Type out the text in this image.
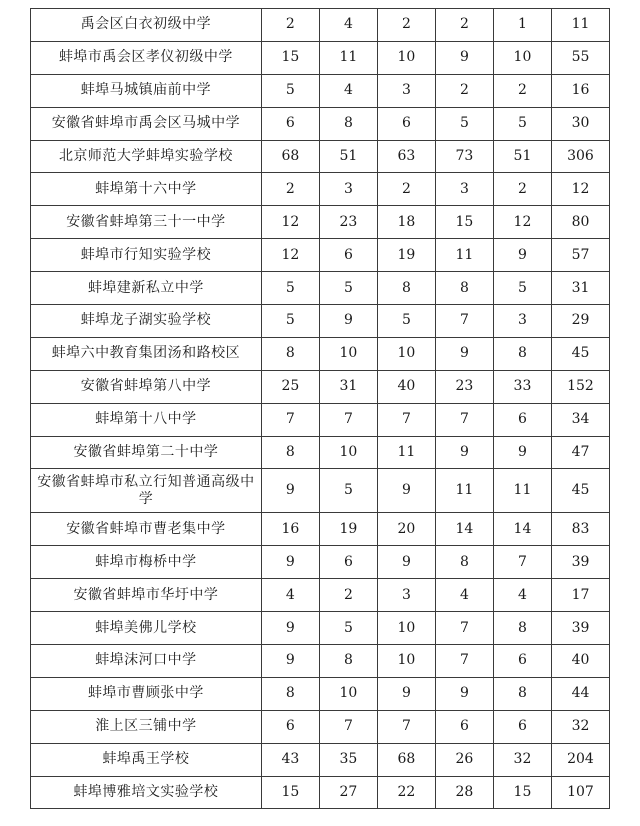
禹会区白衣初级中学	2	4	2	2	1	11
蚌埠市禹会区孝仪初级中学	15	11	10	9	10	55
蚌埠马城镇庙前中学	5	4	3	2	2	16
安徽省蚌埠市禹会区马城中学	6	8	6	5	5	30
北京师范大学蚌埠实验学校	68	51	63	73	51	306
蚌埠第十六中学	2	3	2	3	2	12
安徽省蚌埠第三十一中学	12	23	18	15	12	80
蚌埠市行知实验学校	12	6	19	11	9	57
蚌埠建新私立中学	5	5	8	8	5	31
蚌埠龙子湖实验学校	5	9	5	7	3	29
蚌埠六中教育集团汤和路校区	8	10	10	9	8	45
安徽省蚌埠第八中学	25	31	40	23	33	152
蚌埠第十八中学	7	7	7	7	6	34
安徽省蚌埠第二十中学	8	10	11	9	9	47
安徽省蚌埠市私立行知普通高级中学	9	5	9	11	11	45
安徽省蚌埠市曹老集中学	16	19	20	14	14	83
蚌埠市梅桥中学	9	6	9	8	7	39
安徽省蚌埠市华圩中学	4	2	3	4	4	17
蚌埠美佛儿学校	9	5	10	7	8	39
蚌埠沫河口中学	9	8	10	7	6	40
蚌埠市曹顾张中学	8	10	9	9	8	44
淮上区三铺中学	6	7	7	6	6	32
蚌埠禹王学校	43	35	68	26	32	204
蚌埠博雅培文实验学校	15	27	22	28	15	107
